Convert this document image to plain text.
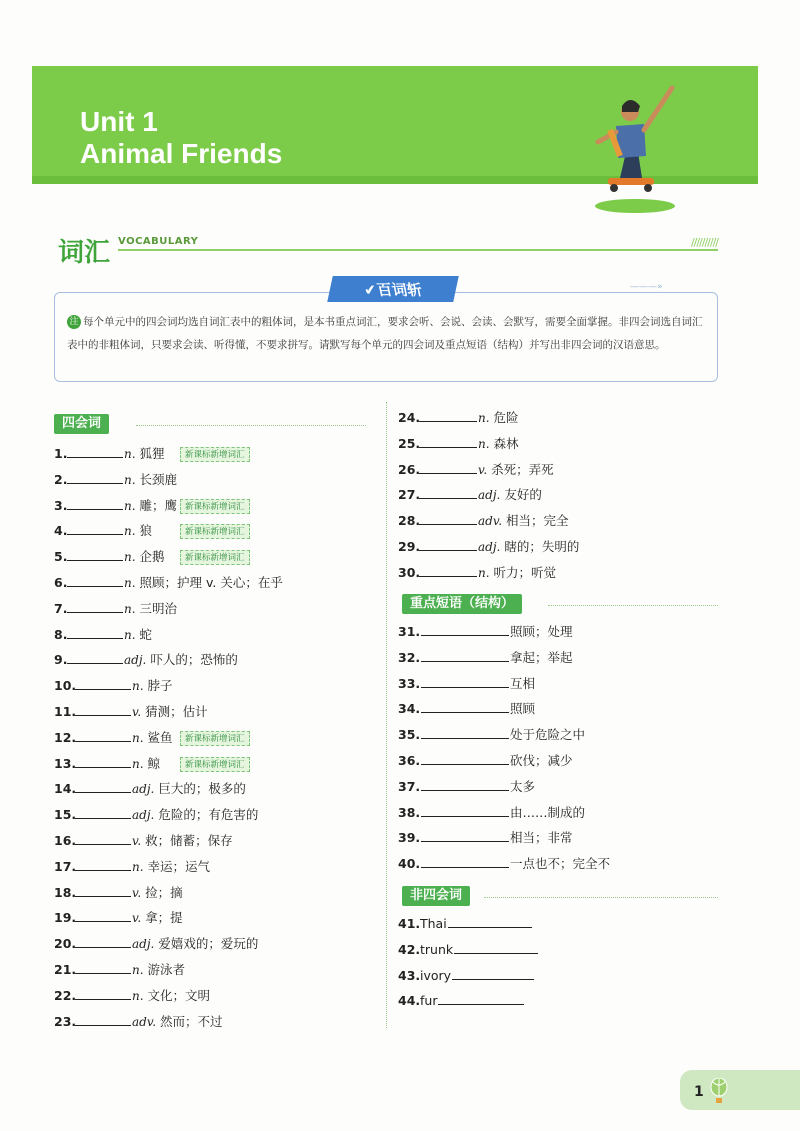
Unit 1
Animal Friends
词汇 VOCABULARY	//////////
注 每个单元中的四会词均选自词汇表中的粗体词，是本书重点词汇，要求会听、会说、会读、会默写，需要全面掌握。非四会词选自词汇表中的非粗体词，只要求会读、听得懂，不要求拼写。请默写每个单元的四会词及重点短语（结构）并写出非四会词的汉语意思。
✔百词斩	———»
四会词
重点短语（结构）
非四会词
1.	n. 狐狸	新课标新增词汇
2.	n. 长颈鹿
3.	n. 雕；鹰 新课标新增词汇
4.	n. 狼	新课标新增词汇
5.	n. 企鹅	新课标新增词汇
6.	n. 照顾；护理 v. 关心；在乎
7.	n. 三明治
8.	n. 蛇
9.	adj. 吓人的；恐怖的
10.	n. 脖子
11.	v. 猜测；估计
12.	n. 鲨鱼	新课标新增词汇
13.	n. 鲸	新课标新增词汇
14.	adj. 巨大的；极多的
15.	adj. 危险的；有危害的
16.	v. 救；储蓄；保存
17.	n. 幸运；运气
18.	v. 捡；摘
19.	v. 拿；提
20.	adj. 爱嬉戏的；爱玩的
21.	n. 游泳者
22.	n. 文化；文明
23.	adv. 然而；不过
24.	n. 危险
25.	n. 森林
26.	v. 杀死；弄死
27.	adj. 友好的
28.	adv. 相当；完全
29.	adj. 瞎的；失明的
30.	n. 听力；听觉
31.	照顾；处理
32.	拿起；举起
33.	互相
34.	照顾
35.	处于危险之中
36.	砍伐；减少
37.	太多
38.	由……制成的
39.	相当；非常
40.	一点也不；完全不
41.Thai
42.trunk
43.ivory
44.fur
1
